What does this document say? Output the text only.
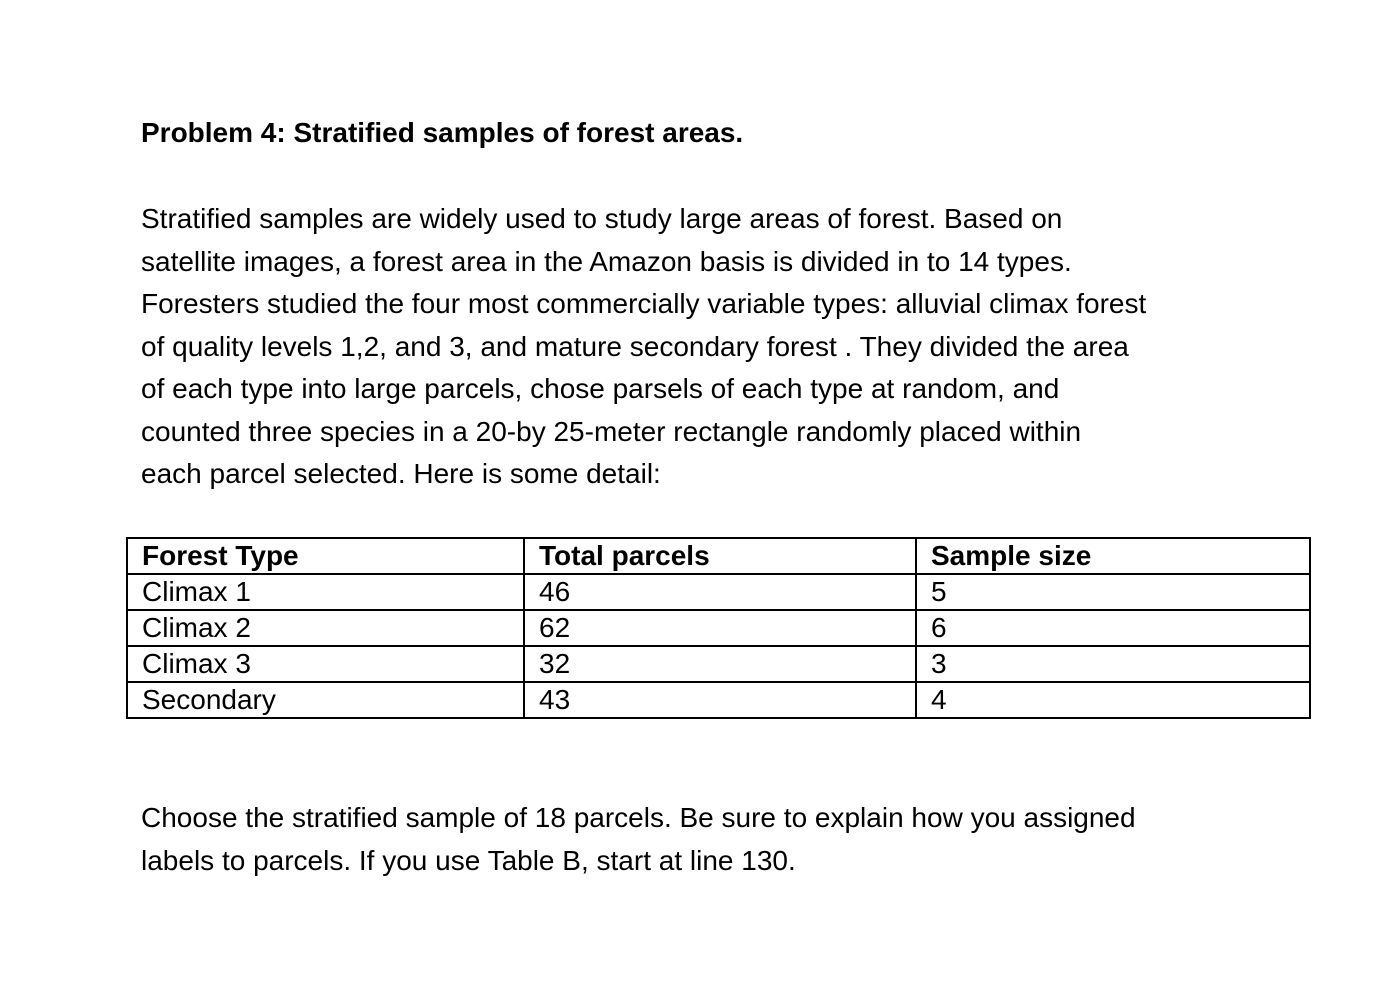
Problem 4: Stratified samples of forest areas.

Stratified samples are widely used to study large areas of forest. Based on
satellite images, a forest area in the Amazon basis is divided in to 14 types.
Foresters studied the four most commercially variable types: alluvial climax forest
of quality levels 1,2, and 3, and mature secondary forest . They divided the area
of each type into large parcels, chose parsels of each type at random, and
counted three species in a 20-by 25-meter rectangle randomly placed within
each parcel selected. Here is some detail:

Forest Type	Total parcels	Sample size
Climax 1	46	5
Climax 2	62	6
Climax 3	32	3
Secondary	43	4

Choose the stratified sample of 18 parcels. Be sure to explain how you assigned
labels to parcels. If you use Table B, start at line 130.
